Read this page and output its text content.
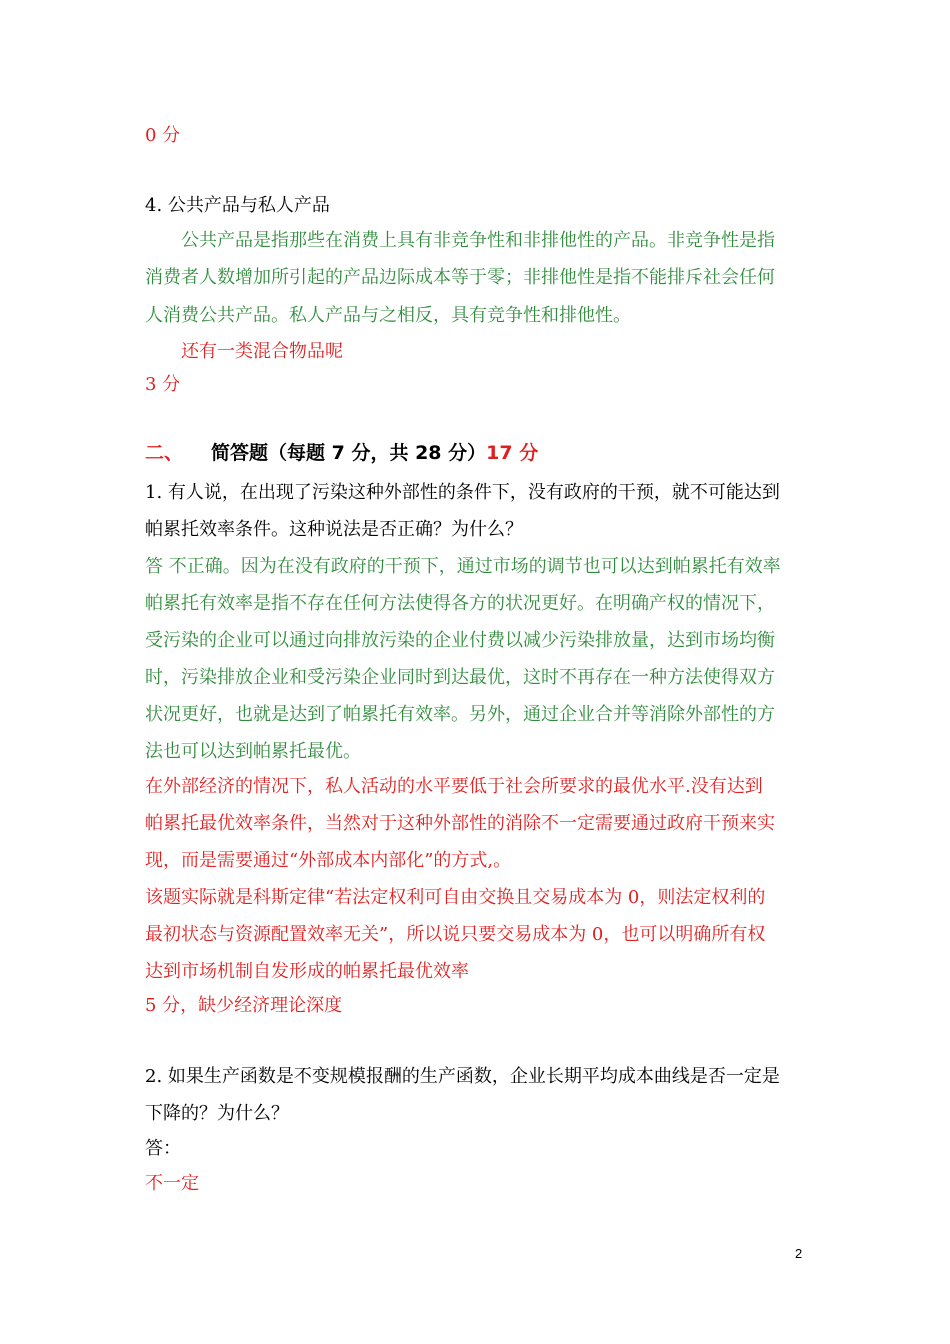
0 分
4. 公共产品与私人产品
公共产品是指那些在消费上具有非竞争性和非排他性的产品。非竞争性是指
消费者人数增加所引起的产品边际成本等于零；非排他性是指不能排斥社会任何
人消费公共产品。私人产品与之相反，具有竞争性和排他性。
还有一类混合物品呢
3 分
二、 简答题（每题 7 分，共 28 分）17 分
1. 有人说，在出现了污染这种外部性的条件下，没有政府的干预，就不可能达到
帕累托效率条件。这种说法是否正确？为什么？
答 不正确。因为在没有政府的干预下，通过市场的调节也可以达到帕累托有效率
帕累托有效率是指不存在任何方法使得各方的状况更好。在明确产权的情况下，
受污染的企业可以通过向排放污染的企业付费以减少污染排放量，达到市场均衡
时，污染排放企业和受污染企业同时到达最优，这时不再存在一种方法使得双方
状况更好，也就是达到了帕累托有效率。另外，通过企业合并等消除外部性的方
法也可以达到帕累托最优。
在外部经济的情况下，私人活动的水平要低于社会所要求的最优水平.没有达到
帕累托最优效率条件，当然对于这种外部性的消除不一定需要通过政府干预来实
现，而是需要通过“外部成本内部化”的方式,。
该题实际就是科斯定律“若法定权利可自由交换且交易成本为 0，则法定权利的
最初状态与资源配置效率无关”，所以说只要交易成本为 0，也可以明确所有权
达到市场机制自发形成的帕累托最优效率
5 分，缺少经济理论深度
2. 如果生产函数是不变规模报酬的生产函数，企业长期平均成本曲线是否一定是
下降的？为什么？
答：
不一定
2
